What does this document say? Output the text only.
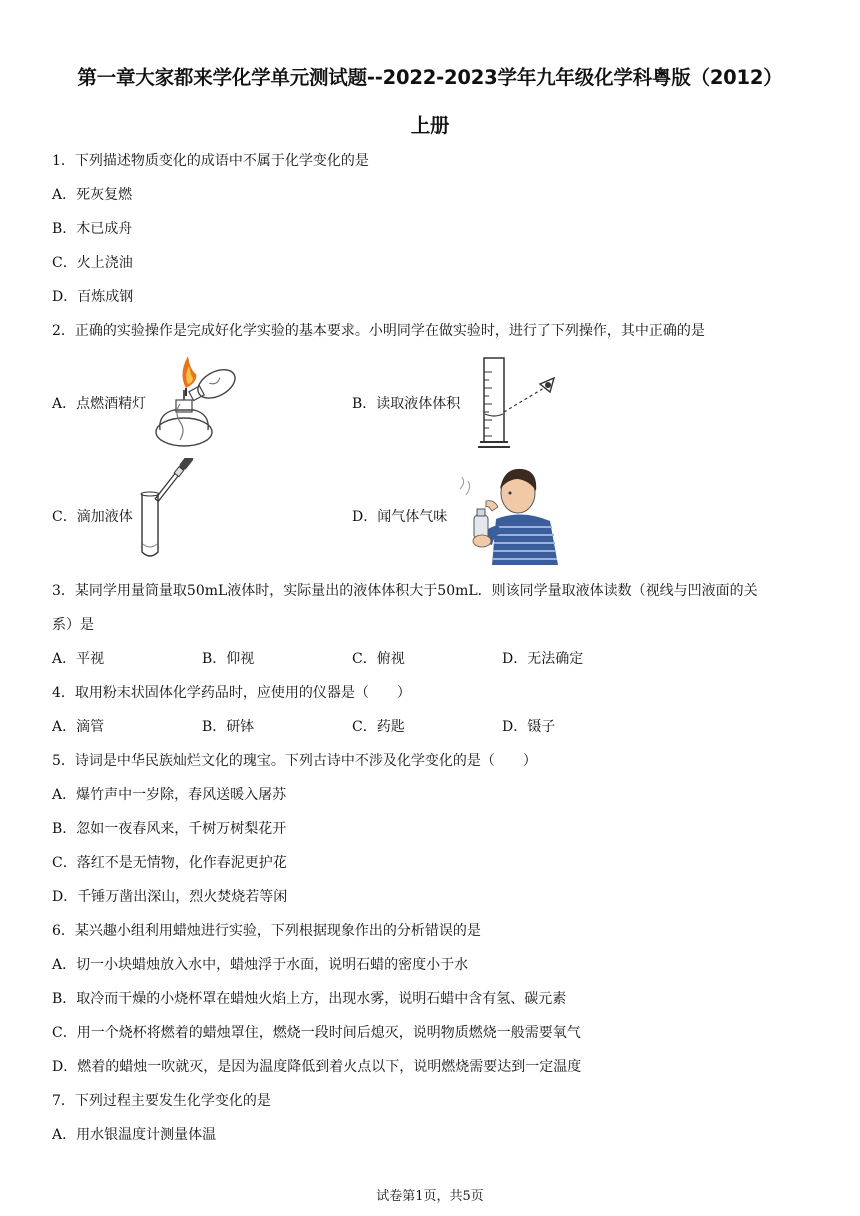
第一章大家都来学化学单元测试题--2022-2023学年九年级化学科粤版（2012）
上册
1．下列描述物质变化的成语中不属于化学变化的是
A．死灰复燃
B．木已成舟
C．火上浇油
D．百炼成钢
2．正确的实验操作是完成好化学实验的基本要求。小明同学在做实验时，进行了下列操作，其中正确的是
A．点燃酒精灯	B．读取液体体积
C．滴加液体	D．闻气体气味
3．某同学用量筒量取50mL液体时，实际量出的液体体积大于50mL．则该同学量取液体读数（视线与凹液面的关
系）是
A．平视	B．仰视	C．俯视	D．无法确定
4．取用粉末状固体化学药品时，应使用的仪器是（　　）
A．滴管	B．研钵	C．药匙	D．镊子
5．诗词是中华民族灿烂文化的瑰宝。下列古诗中不涉及化学变化的是（　　）
A．爆竹声中一岁除，春风送暖入屠苏
B．忽如一夜春风来，千树万树梨花开
C．落红不是无情物，化作春泥更护花
D．千锤万凿出深山，烈火焚烧若等闲
6．某兴趣小组利用蜡烛进行实验，下列根据现象作出的分析错误的是
A．切一小块蜡烛放入水中，蜡烛浮于水面，说明石蜡的密度小于水
B．取冷而干燥的小烧杯罩在蜡烛火焰上方，出现水雾，说明石蜡中含有氢、碳元素
C．用一个烧杯将燃着的蜡烛罩住，燃烧一段时间后熄灭，说明物质燃烧一般需要氧气
D．燃着的蜡烛一吹就灭，是因为温度降低到着火点以下，说明燃烧需要达到一定温度
7．下列过程主要发生化学变化的是
A．用水银温度计测量体温
试卷第1页，共5页
